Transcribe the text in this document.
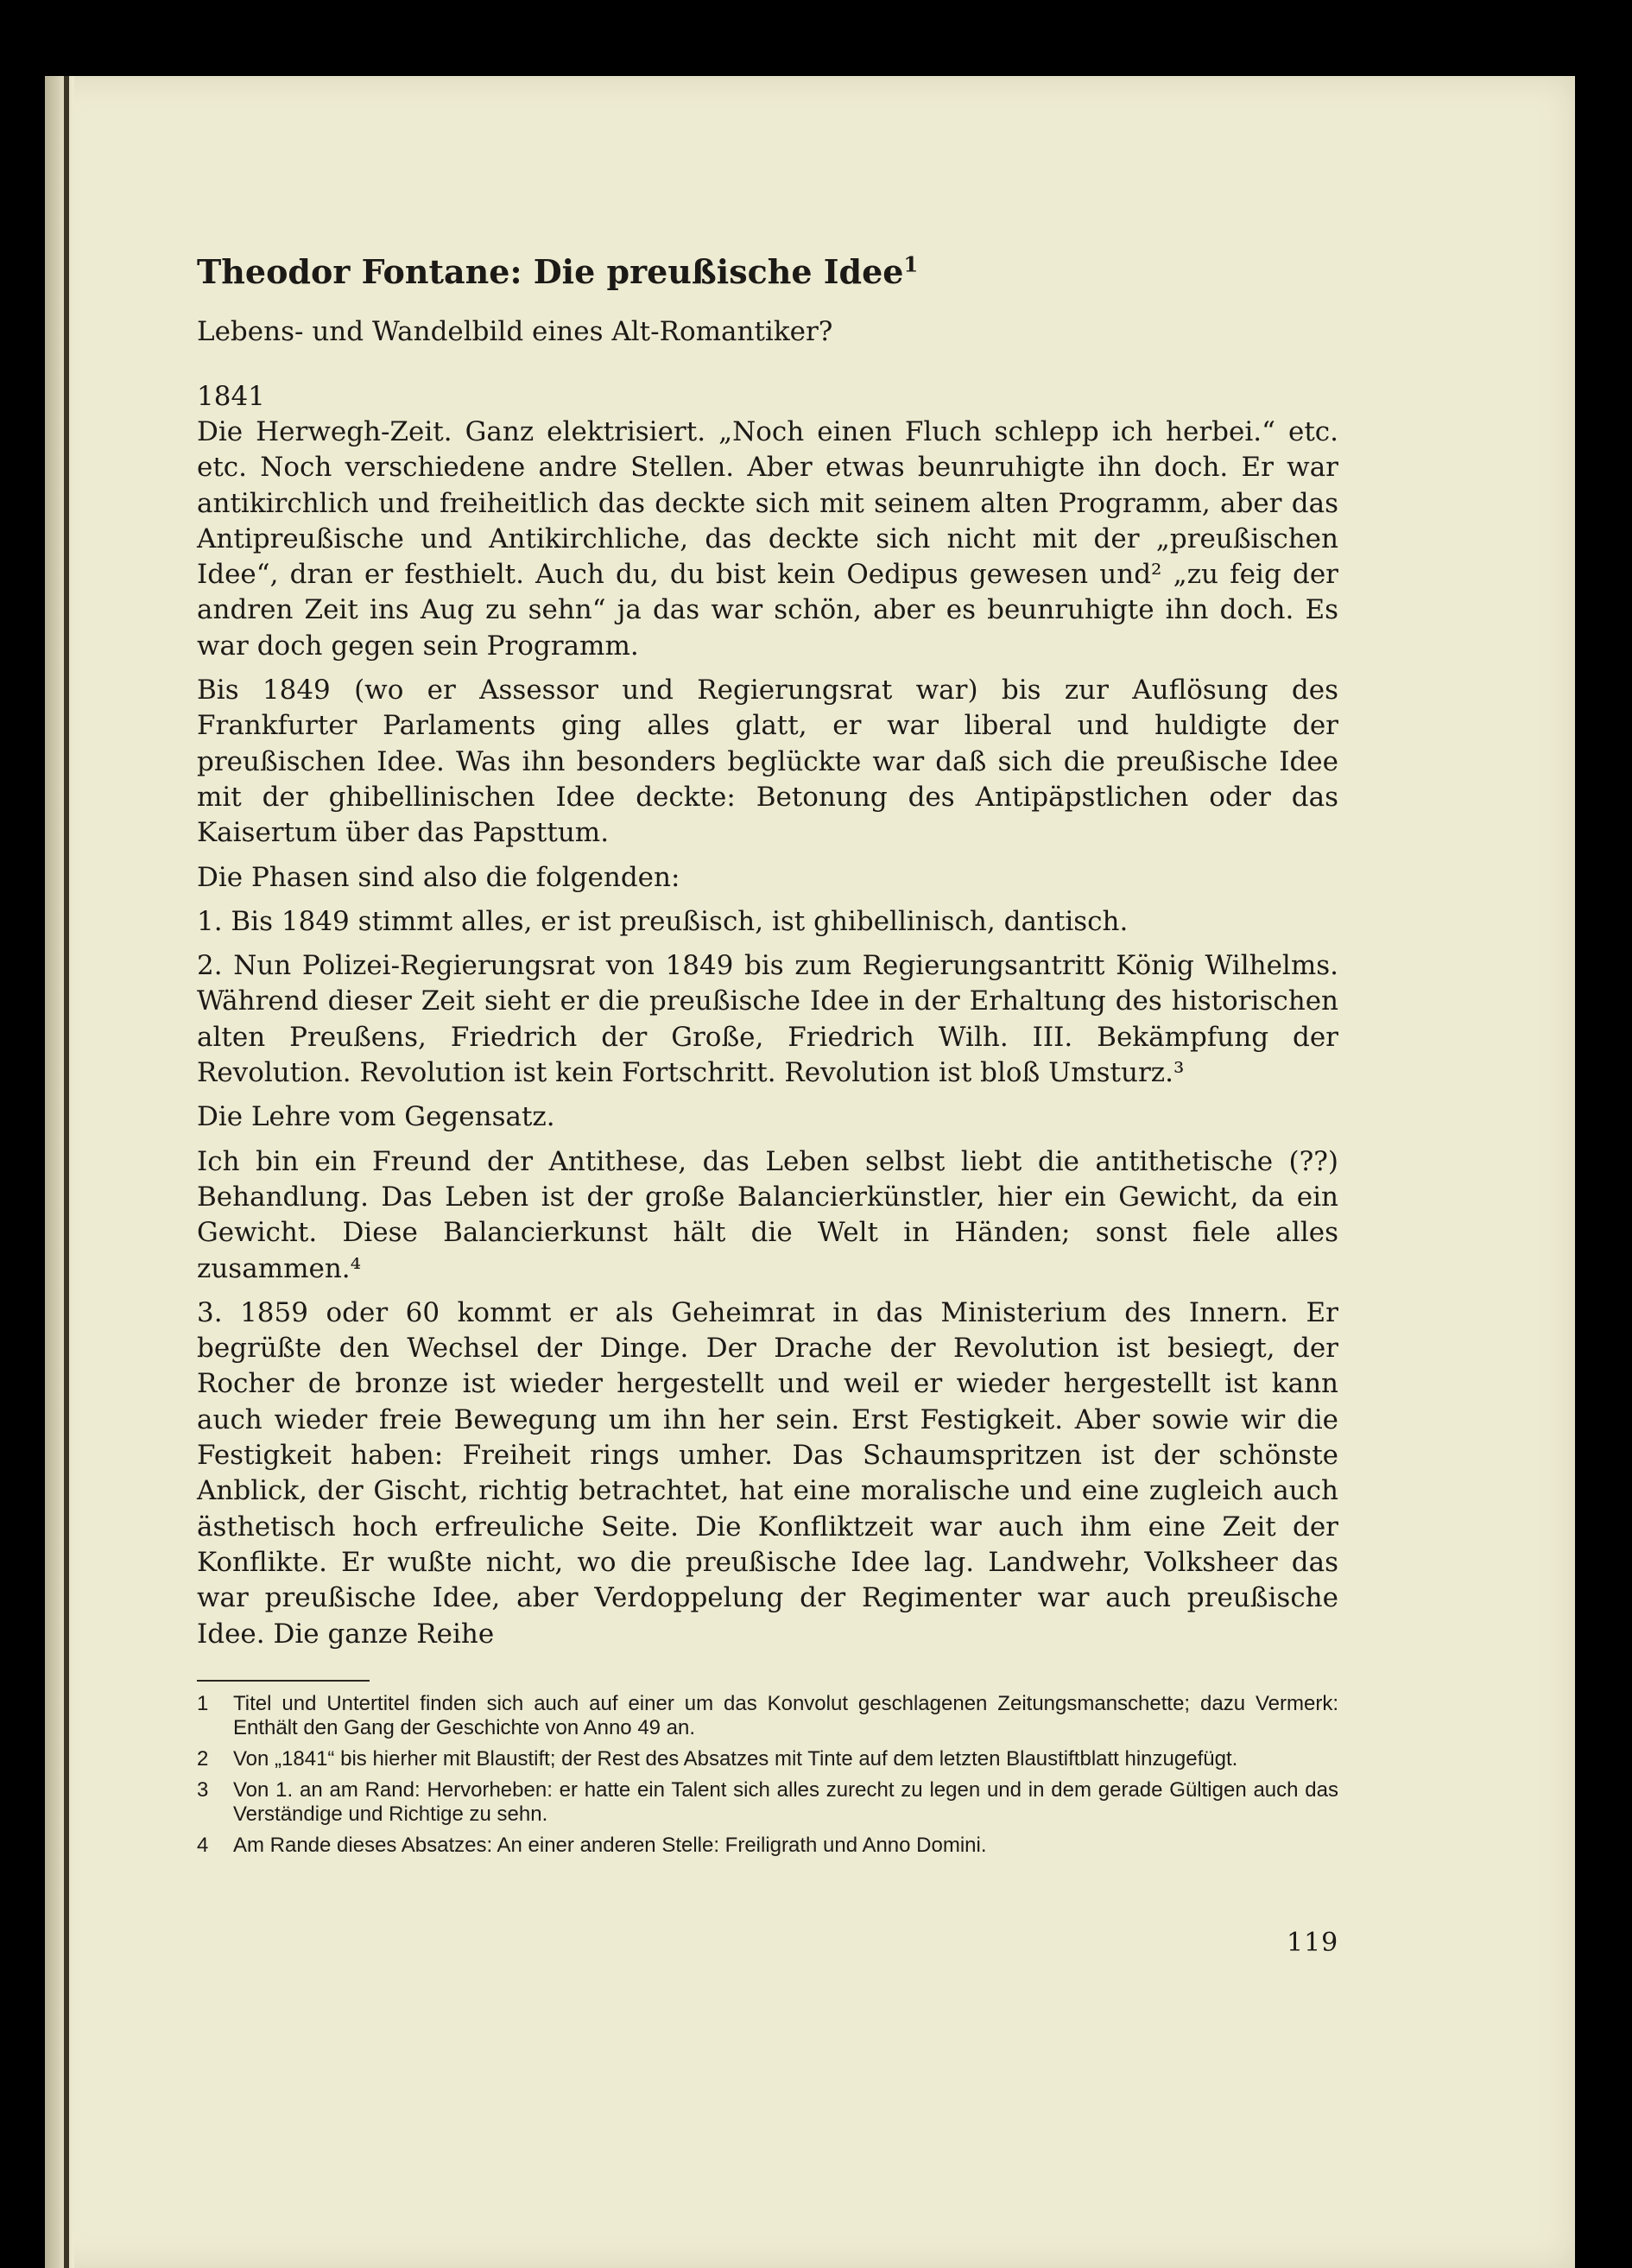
Theodor Fontane: Die preußische Idee$^1$
Lebens- und Wandelbild eines Alt-Romantiker?
1841

Die Herwegh-Zeit. Ganz elektrisiert. „Noch einen Fluch schlepp ich herbei.“ etc. etc. Noch verschiedene andre Stellen. Aber etwas beunruhigte ihn doch. Er war antikirchlich und freiheitlich das deckte sich mit seinem alten Programm, aber das Antipreußische und Antikirchliche, das deckte sich nicht mit der „preußischen Idee“, dran er festhielt. Auch du, du bist kein Oedipus gewesen und² „zu feig der andren Zeit ins Aug zu sehn“ ja das war schön, aber es beunruhigte ihn doch. Es war doch gegen sein Programm.

Bis 1849 (wo er Assessor und Regierungsrat war) bis zur Auflösung des Frankfurter Parlaments ging alles glatt, er war liberal und huldigte der preußischen Idee. Was ihn besonders beglückte war daß sich die preußische Idee mit der ghibellinischen Idee deckte: Betonung des Antipäpstlichen oder das Kaisertum über das Papsttum.

Die Phasen sind also die folgenden:

1. Bis 1849 stimmt alles, er ist preußisch, ist ghibellinisch, dantisch.

2. Nun Polizei-Regierungsrat von 1849 bis zum Regierungsantritt König Wilhelms. Während dieser Zeit sieht er die preußische Idee in der Erhaltung des historischen alten Preußens, Friedrich der Große, Friedrich Wilh. III. Bekämpfung der Revolution. Revolution ist kein Fortschritt. Revolution ist bloß Umsturz.³

Die Lehre vom Gegensatz.

Ich bin ein Freund der Antithese, das Leben selbst liebt die antithetische (??) Behandlung. Das Leben ist der große Balancierkünstler, hier ein Gewicht, da ein Gewicht. Diese Balancierkunst hält die Welt in Händen; sonst fiele alles zusammen.⁴

3. 1859 oder 60 kommt er als Geheimrat in das Ministerium des Innern. Er begrüßte den Wechsel der Dinge. Der Drache der Revolution ist besiegt, der Rocher de bronze ist wieder hergestellt und weil er wieder hergestellt ist kann auch wieder freie Bewegung um ihn her sein. Erst Festigkeit. Aber sowie wir die Festigkeit haben: Freiheit rings umher. Das Schaumspritzen ist der schönste Anblick, der Gischt, richtig betrachtet, hat eine moralische und eine zugleich auch ästhetisch hoch erfreuliche Seite. Die Konfliktzeit war auch ihm eine Zeit der Konflikte. Er wußte nicht, wo die preußische Idee lag. Landwehr, Volksheer das war preußische Idee, aber Verdoppelung der Regimenter war auch preußische Idee. Die ganze Reihe

1	Titel und Untertitel finden sich auch auf einer um das Konvolut geschlagenen Zeitungsmanschette; dazu Vermerk: Enthält den Gang der Geschichte von Anno 49 an.
2	Von „1841“ bis hierher mit Blaustift; der Rest des Absatzes mit Tinte auf dem letzten Blaustiftblatt hinzugefügt.
3	Von 1. an am Rand: Hervorheben: er hatte ein Talent sich alles zurecht zu legen und in dem gerade Gültigen auch das Verständige und Richtige zu sehn.
4	Am Rande dieses Absatzes: An einer anderen Stelle: Freiligrath und Anno Domini.
119
